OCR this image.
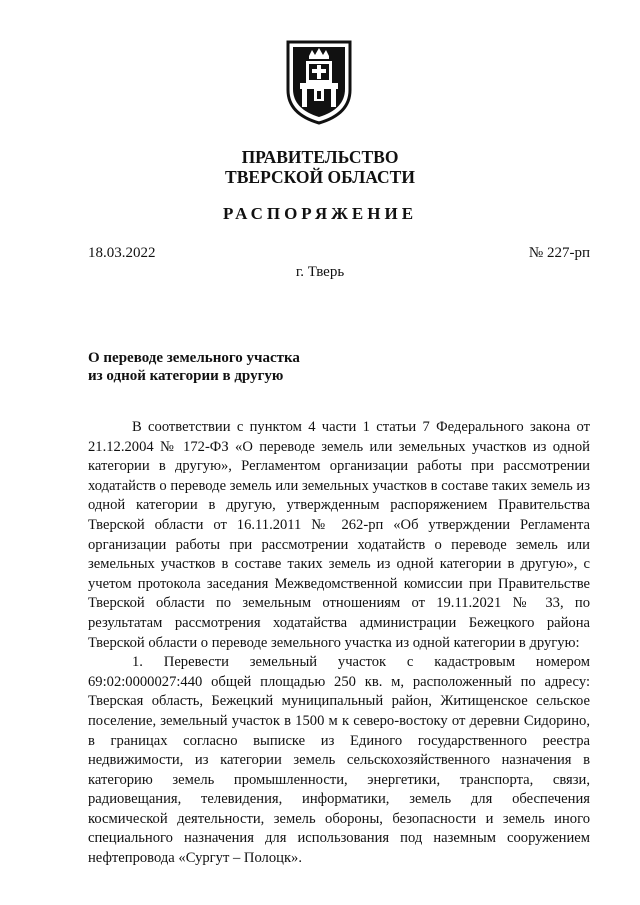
ПРАВИТЕЛЬСТВО
ТВЕРСКОЙ ОБЛАСТИ
РАСПОРЯЖЕНИЕ
18.03.2022	№ 227-рп
г. Тверь
О переводе земельного участка
из одной категории в другую

В соответствии с пунктом 4 части 1 статьи 7 Федерального закона от 21.12.2004 № 172-ФЗ «О переводе земель или земельных участков из одной категории в другую», Регламентом организации работы при рассмотрении ходатайств о переводе земель или земельных участков в составе таких земель из одной категории в другую, утвержденным распоряжением Правительства Тверской области от 16.11.2011 № 262-рп «Об утверждении Регламента организации работы при рассмотрении ходатайств о переводе земель или земельных участков в составе таких земель из одной категории в другую», с учетом протокола заседания Межведомственной комиссии при Правительстве Тверской области по земельным отношениям от 19.11.2021 № 33, по результатам рассмотрения ходатайства администрации Бежецкого района Тверской области о переводе земельного участка из одной категории в другую:

1. Перевести земельный участок с кадастровым номером 69:02:0000027:440 общей площадью 250 кв. м, расположенный по адресу: Тверская область, Бежецкий муниципальный район, Житищенское сельское поселение, земельный участок в 1500 м к северо-востоку от деревни Сидорино, в границах согласно выписке из Единого государственного реестра недвижимости, из категории земель сельскохозяйственного назначения в категорию земель промышленности, энергетики, транспорта, связи, радиовещания, телевидения, информатики, земель для обеспечения космической деятельности, земель обороны, безопасности и земель иного специального назначения для использования под наземным сооружением нефтепровода «Сургут – Полоцк».
